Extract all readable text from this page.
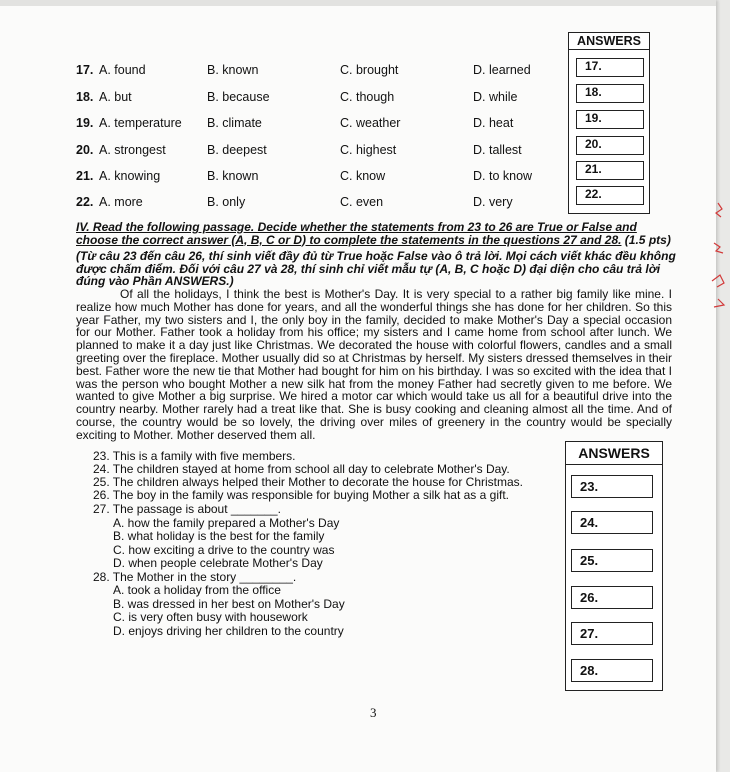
17. A. found	B. known	C. brought	D. learned
18. A. but	B. because	C. though	D. while
19. A. temperature B. climate	C. weather	D. heat
20. A. strongest	B. deepest	C. highest	D. tallest
21. A. knowing	B. known	C. know	D. to know
22. A. more	B. only	C. even	D. very
ANSWERS
17.
18.
19.
20.
21.
22.
IV. Read the following passage. Decide whether the statements from 23 to 26 are True or False and choose the correct answer (A, B, C or D) to complete the statements in the questions 27 and 28. (1.5 pts)
(Từ câu 23 đến câu 26, thí sinh viết đầy đủ từ True hoặc False vào ô trả lời. Mọi cách viết khác đều không được chấm điểm. Đối với câu 27 và 28, thí sinh chỉ viết mẫu tự (A, B, C hoặc D) đại diện cho câu trả lời đúng vào Phần ANSWERS.)
Of all the holidays, I think the best is Mother's Day. It is very special to a rather big family like mine. I realize how much Mother has done for years, and all the wonderful things she has done for her children. So this year Father, my two sisters and I, the only boy in the family, decided to make Mother's Day a special occasion for our Mother. Father took a holiday from his office; my sisters and I came home from school after lunch. We planned to make it a day just like Christmas. We decorated the house with colorful flowers, candles and a small greeting over the fireplace. Mother usually did so at Christmas by herself. My sisters dressed themselves in their best. Father wore the new tie that Mother had bought for him on his birthday. I was so excited with the idea that I was the person who bought Mother a new silk hat from the money Father had secretly given to me before. We wanted to give Mother a big surprise. We hired a motor car which would take us all for a beautiful drive into the country nearby. Mother rarely had a treat like that. She is busy cooking and cleaning almost all the time. And of course, the country would be so lovely, the driving over miles of greenery in the country would be specially exciting to Mother. Mother deserved them all.
23. This is a family with five members.
24. The children stayed at home from school all day to celebrate Mother's Day.
25. The children always helped their Mother to decorate the house for Christmas.
26. The boy in the family was responsible for buying Mother a silk hat as a gift.
27. The passage is about _______.
A. how the family prepared a Mother's Day
B. what holiday is the best for the family
C. how exciting a drive to the country was
D. when people celebrate Mother's Day
28. The Mother in the story ________.
A. took a holiday from the office
B. was dressed in her best on Mother's Day
C. is very often busy with housework
D. enjoys driving her children to the country
ANSWERS
23.
24.
25.
26.
27.
28.
3
